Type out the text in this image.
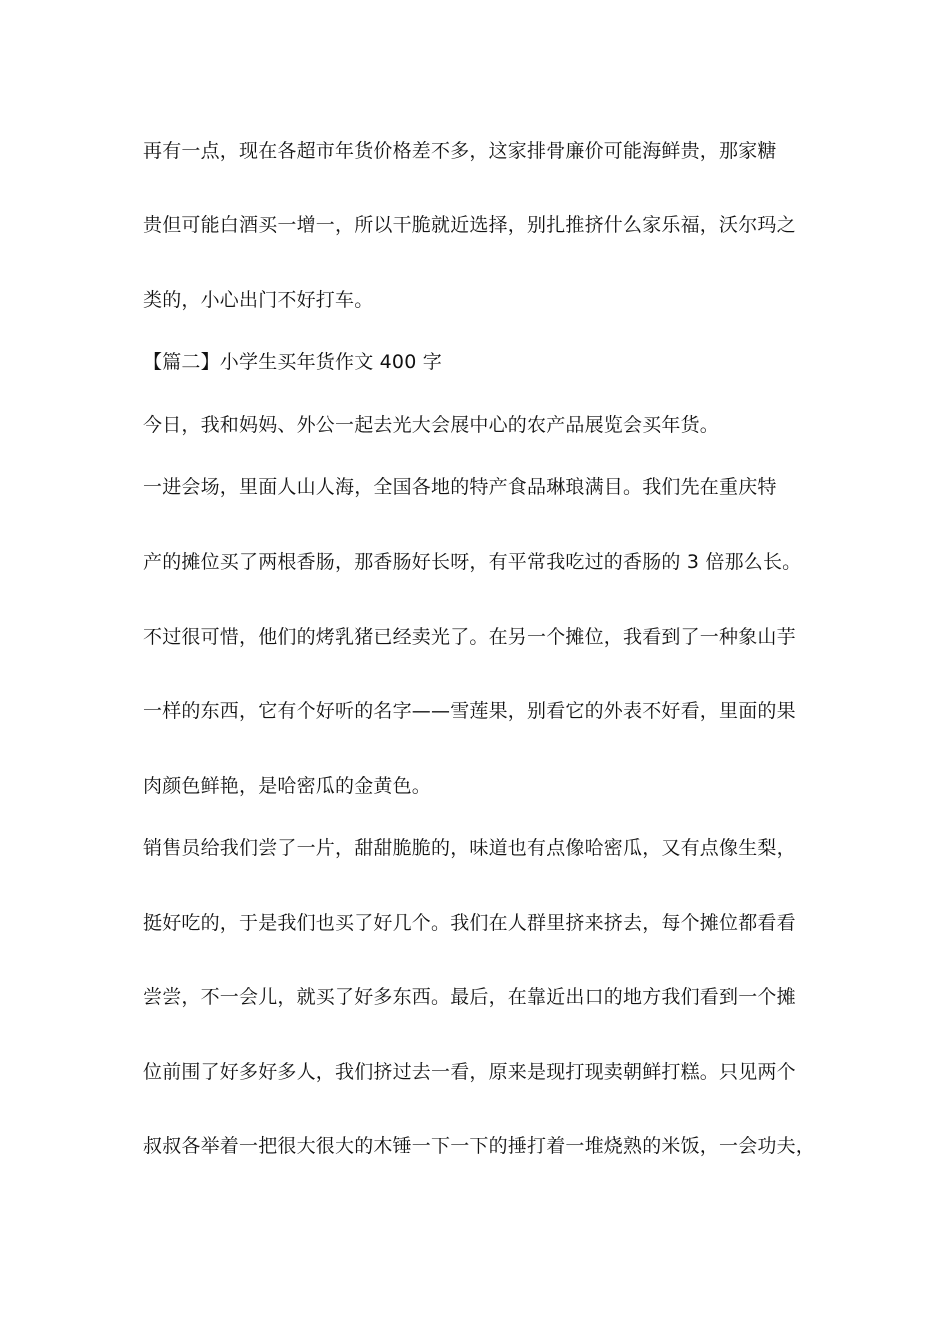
再有一点，现在各超市年货价格差不多，这家排骨廉价可能海鲜贵，那家糖
贵但可能白酒买一增一，所以干脆就近选择，别扎推挤什么家乐福，沃尔玛之
类的，小心出门不好打车。
【篇二】小学生买年货作文 400 字
今日，我和妈妈、外公一起去光大会展中心的农产品展览会买年货。
一进会场，里面人山人海，全国各地的特产食品琳琅满目。我们先在重庆特
产的摊位买了两根香肠，那香肠好长呀，有平常我吃过的香肠的 3 倍那么长。
不过很可惜，他们的烤乳猪已经卖光了。在另一个摊位，我看到了一种象山芋
一样的东西，它有个好听的名字——雪莲果，别看它的外表不好看，里面的果
肉颜色鲜艳，是哈密瓜的金黄色。
销售员给我们尝了一片，甜甜脆脆的，味道也有点像哈密瓜，又有点像生梨，
挺好吃的，于是我们也买了好几个。我们在人群里挤来挤去，每个摊位都看看
尝尝，不一会儿，就买了好多东西。最后，在靠近出口的地方我们看到一个摊
位前围了好多好多人，我们挤过去一看，原来是现打现卖朝鲜打糕。只见两个
叔叔各举着一把很大很大的木锤一下一下的捶打着一堆烧熟的米饭，一会功夫，
